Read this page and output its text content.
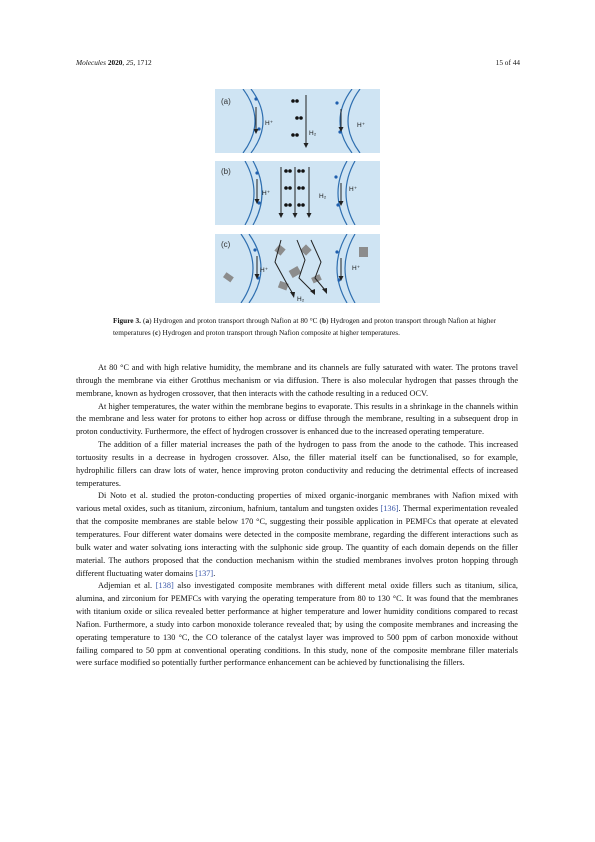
Molecules 2020, 25, 1712	15 of 44
(a)
H⁺	H⁺
H₂
(b)
H⁺
H⁺
H₂
(c)
H⁺	H⁺
H₂
Figure 3. (a) Hydrogen and proton transport through Nafion at 80 °C (b) Hydrogen and proton transport through Nafion at higher temperatures (c) Hydrogen and proton transport through Nafion composite at higher temperatures.

At 80 °C and with high relative humidity, the membrane and its channels are fully saturated with water. The protons travel through the membrane via either Grotthus mechanism or via diffusion. There is also molecular hydrogen that passes through the membrane, known as hydrogen crossover, that then interacts with the cathode resulting in a reduced OCV.

At higher temperatures, the water within the membrane begins to evaporate. This results in a shrinkage in the channels within the membrane and less water for protons to either hop across or diffuse through the membrane, resulting in a subsequent drop in proton conductivity. Furthermore, the effect of hydrogen crossover is enhanced due to the increased operating temperature.

The addition of a filler material increases the path of the hydrogen to pass from the anode to the cathode. This increased tortuosity results in a decrease in hydrogen crossover. Also, the filler material itself can be functionalised, so for example, hydrophilic fillers can draw lots of water, hence improving proton conductivity and reducing the detrimental effects of increased temperatures.

Di Noto et al. studied the proton-conducting properties of mixed organic-inorganic membranes with Nafion mixed with various metal oxides, such as titanium, zirconium, hafnium, tantalum and tungsten oxides [136]. Thermal experimentation revealed that the composite membranes are stable below 170 °C, suggesting their possible application in PEMFCs that operate at elevated temperatures. Four different water domains were detected in the composite membrane, regarding the different interactions such as bulk water and water solvating ions interacting with the sulphonic side group. The quantity of each domain depends on the filler material. The authors proposed that the conduction mechanism within the studied membranes involves proton hopping through different fluctuating water domains [137].

Adjemian et al. [138] also investigated composite membranes with different metal oxide fillers such as titanium, silica, alumina, and zirconium for PEMFCs with varying the operating temperature from 80 to 130 °C. It was found that the membranes with titanium oxide or silica revealed better performance at higher temperature and lower humidity conditions compared to recast Nafion. Furthermore, a study into carbon monoxide tolerance revealed that; by using the composite membranes and increasing the operating temperature to 130 °C, the CO tolerance of the catalyst layer was improved to 500 ppm of carbon monoxide without failing compared to 50 ppm at conventional operating conditions. In this study, none of the composite membrane filler materials were surface modified so potentially further performance enhancement can be achieved by functionalising the fillers.
